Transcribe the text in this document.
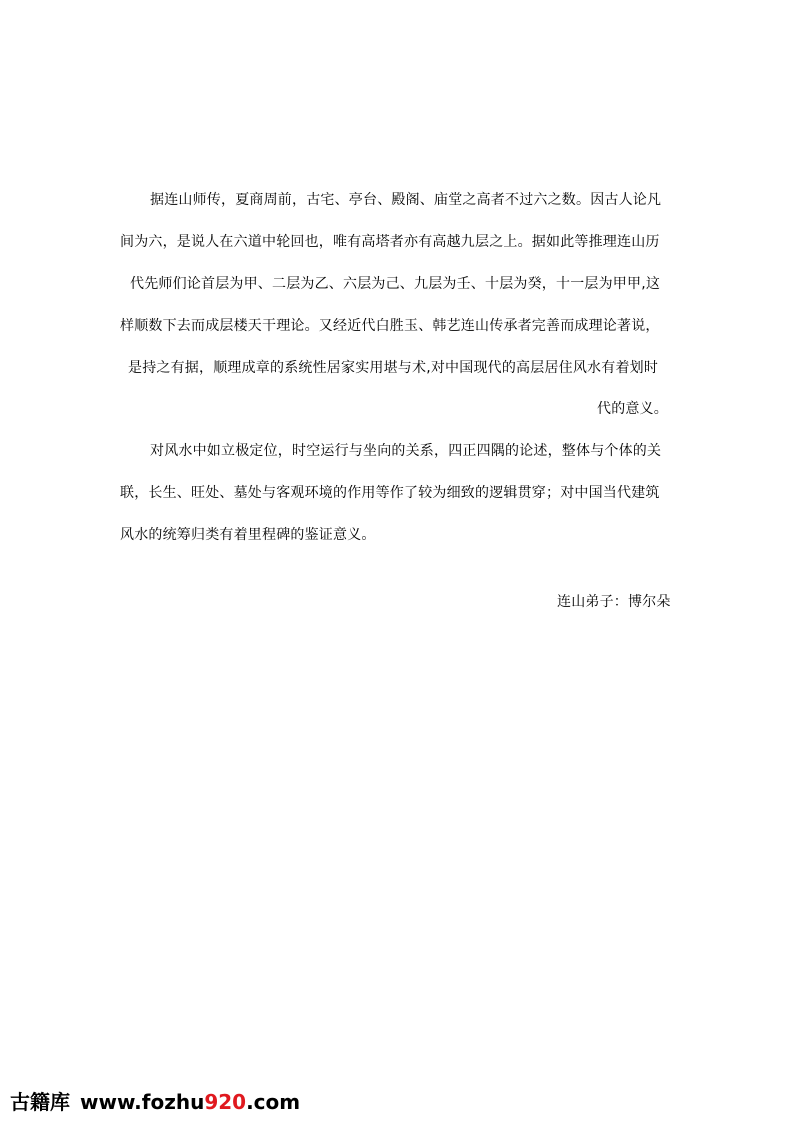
据连山师传，夏商周前，古宅、亭台、殿阁、庙堂之高者不过六之数。因古人论凡
间为六，是说人在六道中轮回也，唯有高塔者亦有高越九层之上。据如此等推理连山历
代先师们论首层为甲、二层为乙、六层为己、九层为壬、十层为癸，十一层为甲甲,这
样顺数下去而成层楼天干理论。又经近代白胜玉、韩艺连山传承者完善而成理论著说，
是持之有据，顺理成章的系统性居家实用堪与术,对中国现代的高层居住风水有着划时
代的意义。
对风水中如立极定位，时空运行与坐向的关系，四正四隅的论述，整体与个体的关
联，长生、旺处、墓处与客观环境的作用等作了较为细致的逻辑贯穿；对中国当代建筑
风水的统筹归类有着里程碑的鉴证意义。
连山弟子：博尔朵
古籍库 www.fozhu920.com
